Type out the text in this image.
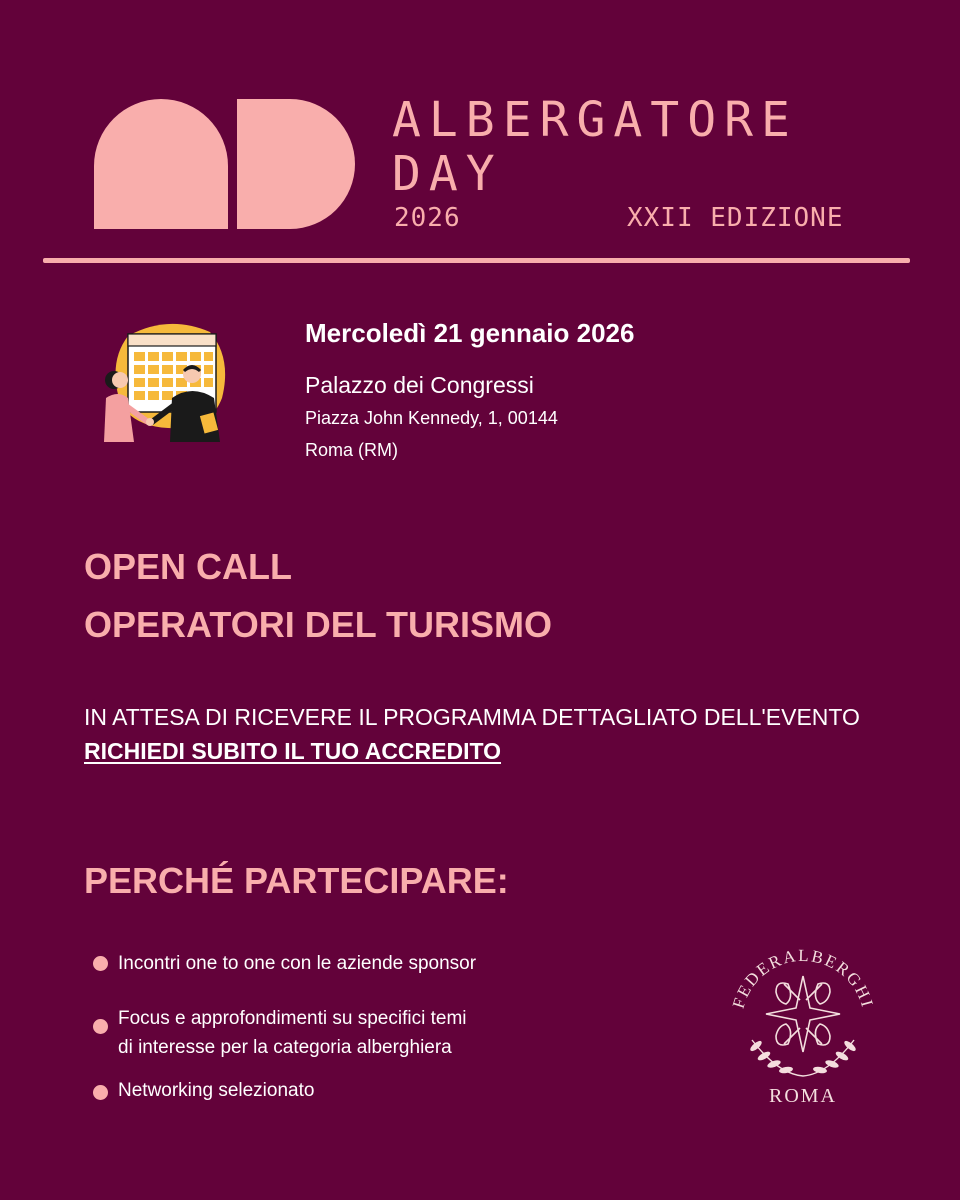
ALBERGATORE
DAY
2026	XXII EDIZIONE
Mercoledì 21 gennaio 2026
Palazzo dei Congressi
Piazza John Kennedy, 1, 00144
Roma (RM)
OPEN CALL
OPERATORI DEL TURISMO
IN ATTESA DI RICEVERE IL PROGRAMMA DETTAGLIATO DELL'EVENTO
RICHIEDI SUBITO IL TUO ACCREDITO
PERCHÉ PARTECIPARE:
Incontri one to one con le aziende sponsor
Focus e approfondimenti su specifici temi
di interesse per la categoria alberghiera
Networking selezionato
FEDERALBERGHI
ROMA
